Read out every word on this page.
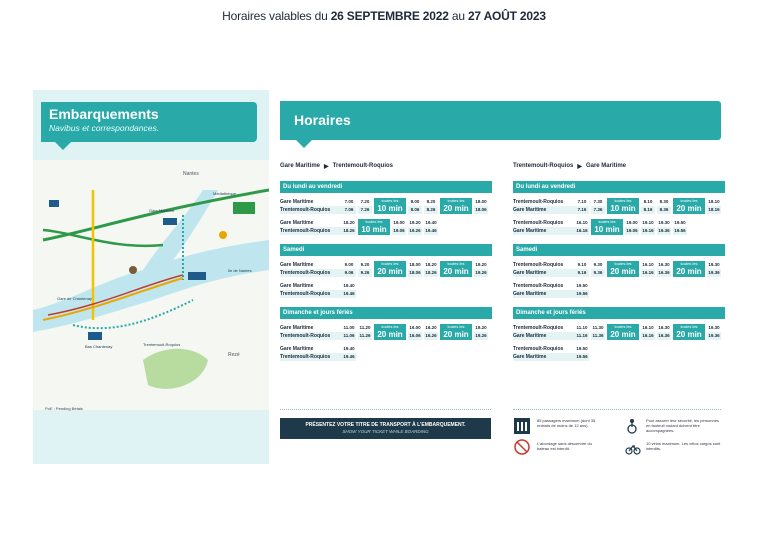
Horaires valables du 26 SEPTEMBRE 2022 au 27 AOÛT 2023
Embarquements
Navibus et correspondances.
Nantes
Médiathèque
Gare Maritime
Trentemoult-Roquios
Rezé
Ile de Nantes
Gare de Chantenay
Bas Chantenay
PoE : Pending Bétais
Horaires
Gare Maritime ▶ Trentemoult-Roquios
Du lundi au vendredi
Gare Maritime
Trentemoult-Roquios
7.00
7.06
7.20
7.26
toutes les
10 min
8.00
8.06
8.20
8.26
toutes les
20 min
18.00
18.06
Gare Maritime
Trentemoult-Roquios
18.20
18.26
toutes les
10 min
19.00
19.06
19.20
19.26
19.40
19.46
Samedi
Gare Maritime
Trentemoult-Roquios
9.00
9.06
9.20
9.26
toutes les
20 min
18.00
18.06
18.20
18.26
toutes les
20 min
19.20
19.26
Gare Maritime
Trentemoult-Roquios
19.40
19.46
Dimanche et jours fériés
Gare Maritime
Trentemoult-Roquios
11.00
11.06
11.20
11.26
toutes les
20 min
16.00
16.06
16.20
16.26
toutes les
20 min
19.20
19.26
Gare Maritime
Trentemoult-Roquios
19.40
19.46
Trentemoult-Roquios ▶ Gare Maritime
Du lundi au vendredi
Trentemoult-Roquios
Gare Maritime
7.10
7.16
7.30
7.36
toutes les
10 min
8.10
8.16
8.30
8.36
toutes les
20 min
18.10
18.16
Trentemoult-Roquios
Gare Maritime
16.10
16.16
toutes les
10 min
19.00
19.06
19.10
19.16
19.30
19.36
19.50
19.56
Samedi
Trentemoult-Roquios
Gare Maritime
9.10
9.16
9.30
9.36
toutes les
20 min
16.10
16.16
16.30
16.36
toutes les
20 min
19.30
19.36
Trentemoult-Roquios
Gare Maritime
19.50
19.56
Dimanche et jours fériés
Trentemoult-Roquios
Gare Maritime
11.10
11.16
11.30
11.36
toutes les
20 min
16.10
16.16
16.30
16.36
toutes les
20 min
19.30
19.36
Trentemoult-Roquios
Gare Maritime
19.50
19.56
PRÉSENTEZ VOTRE TITRE DE TRANSPORT À L'EMBARQUEMENT.
SHOW YOUR TICKET WHILE BOARDING
85 passagers maximum (dont 35 enfants de moins de 12 ans).
L'abordage sans descendre du bateau est interdit.
Pour assurer leur sécurité, les personnes en fauteuil roulant doivent être accompagnées.
10 vélos maximum. Les vélos cargos sont interdits.
